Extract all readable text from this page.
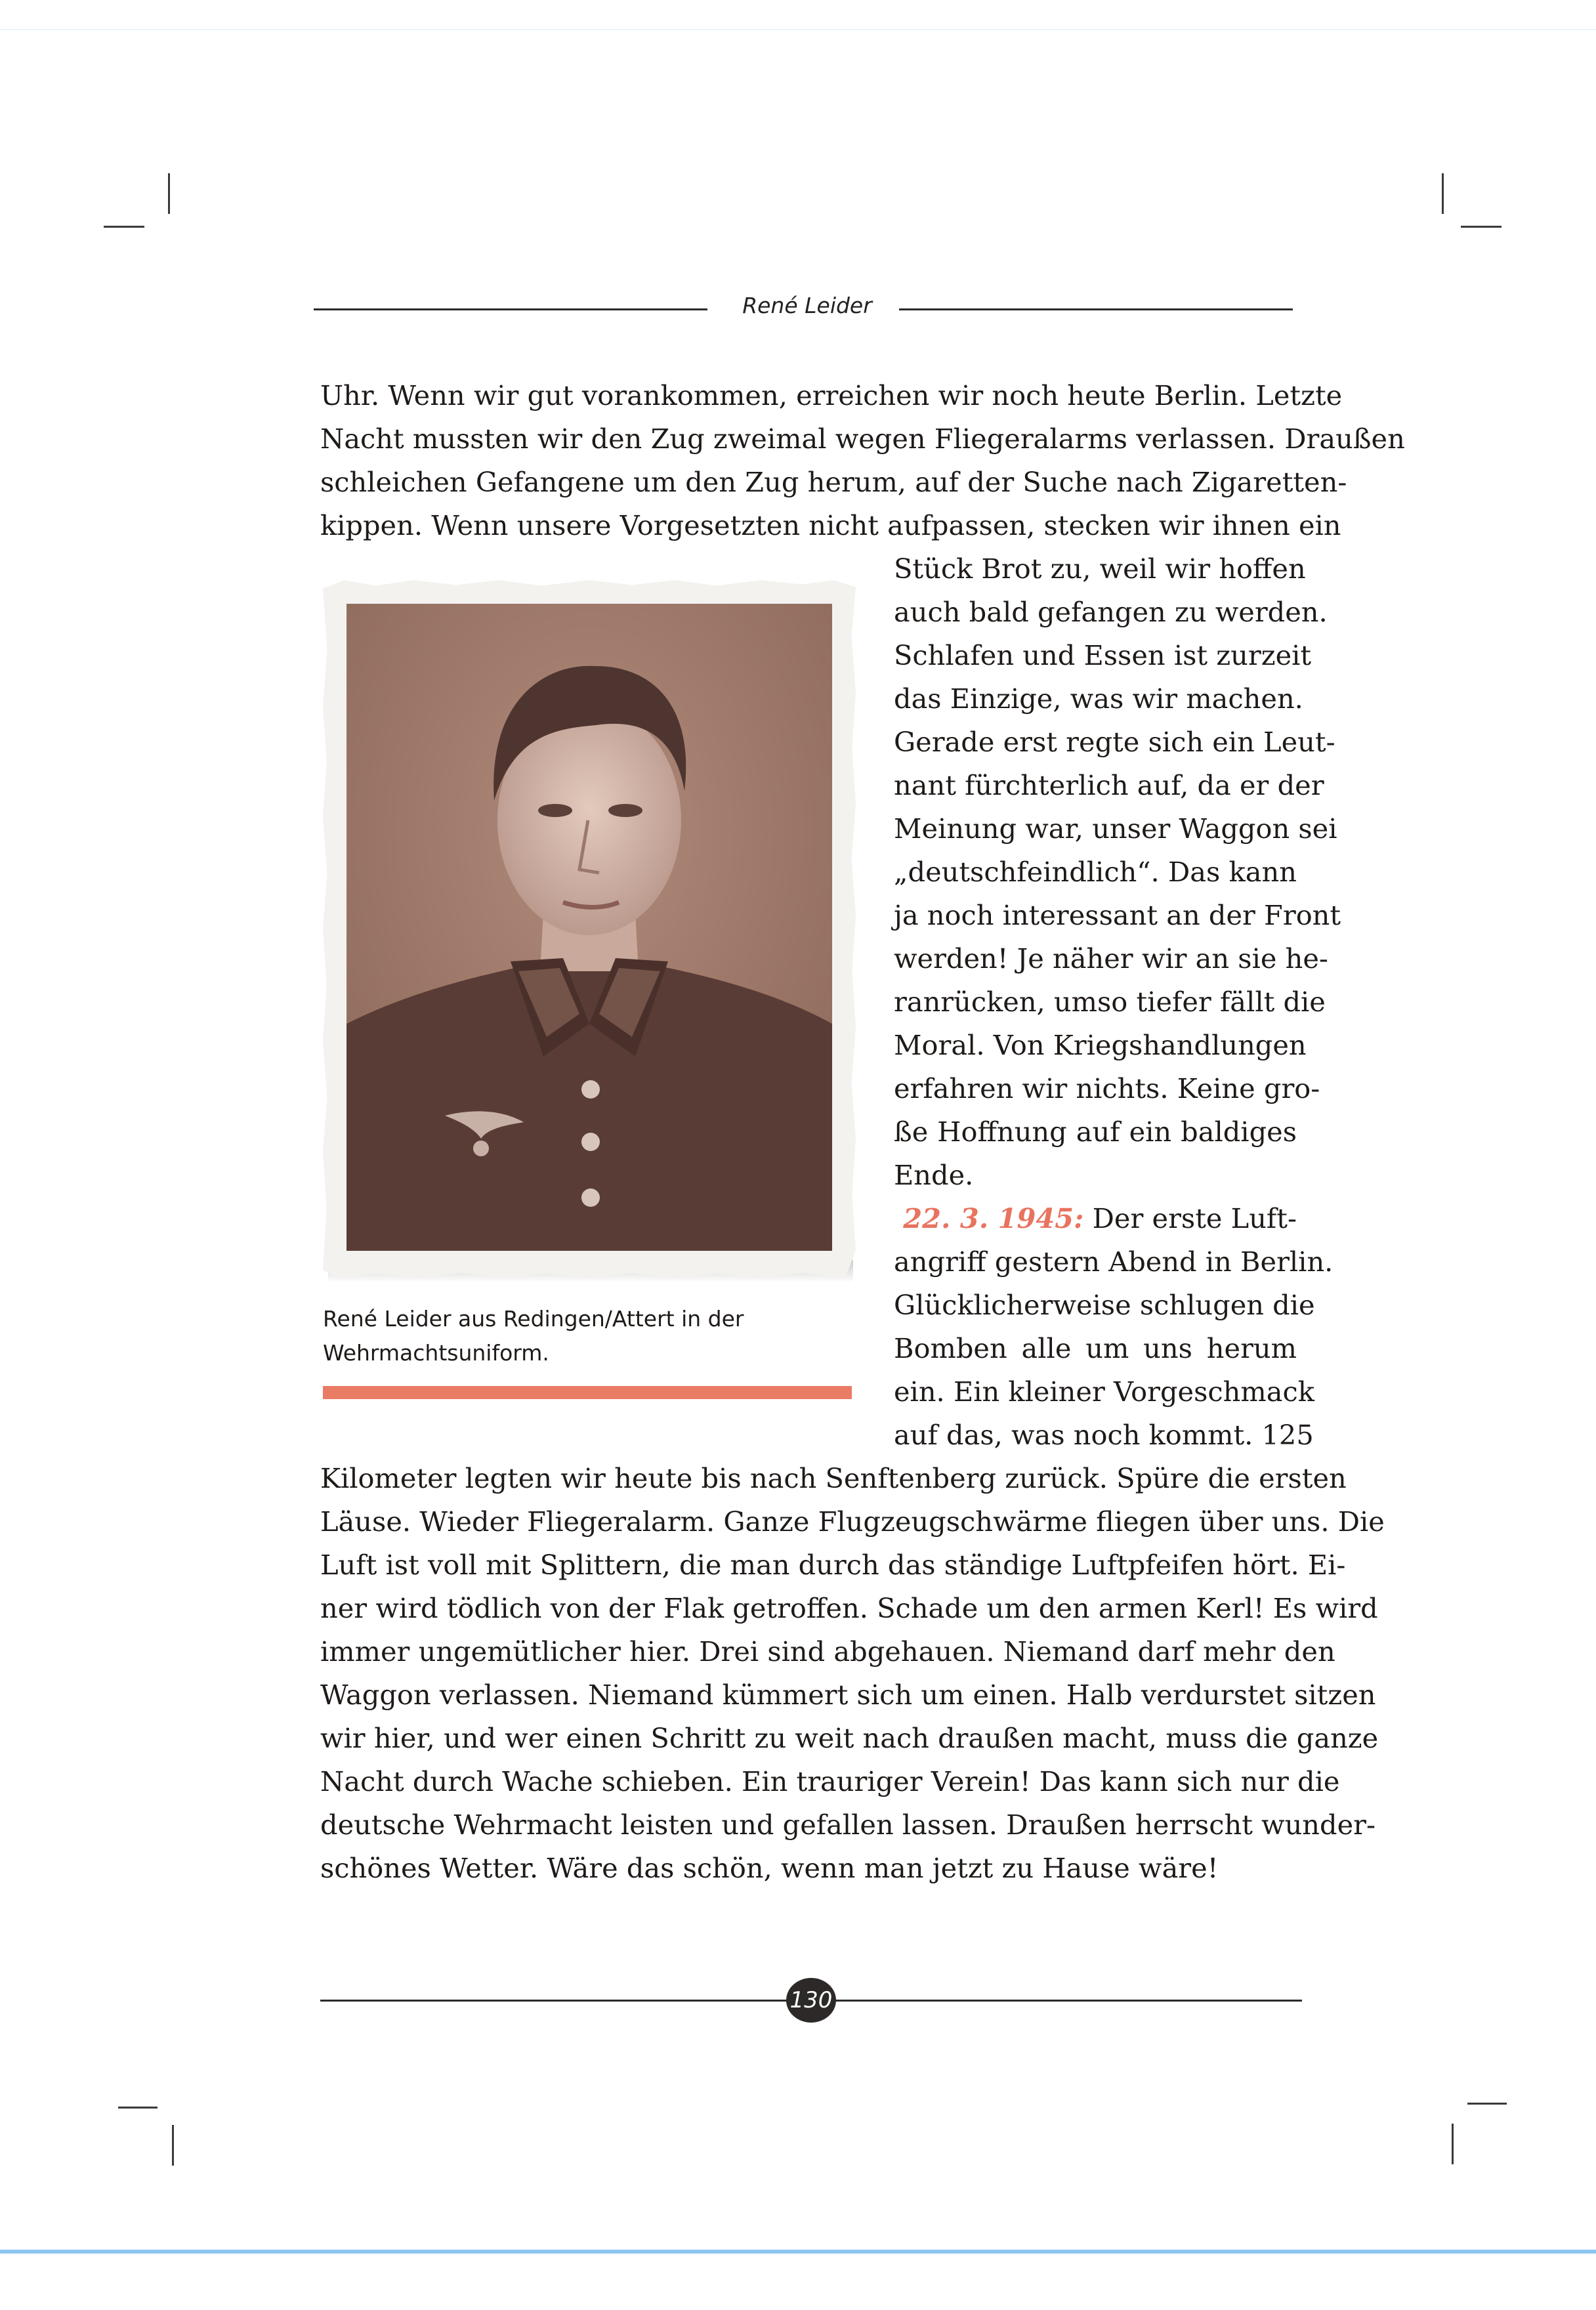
René Leider
Uhr. Wenn wir gut vorankommen, erreichen wir noch heute Berlin. Letzte
Nacht mussten wir den Zug zweimal wegen Fliegeralarms verlassen. Draußen
schleichen Gefangene um den Zug herum, auf der Suche nach Zigaretten-
kippen. Wenn unsere Vorgesetzten nicht aufpassen, stecken wir ihnen ein
Stück Brot zu, weil wir hoffen
auch bald gefangen zu werden.
Schlafen und Essen ist zurzeit
das Einzige, was wir machen.
Gerade erst regte sich ein Leut-
nant fürchterlich auf, da er der
Meinung war, unser Waggon sei
„deutschfeindlich“. Das kann
ja noch interessant an der Front
werden! Je näher wir an sie he-
ranrücken, umso tiefer fällt die
Moral. Von Kriegshandlungen
erfahren wir nichts. Keine gro-
ße Hoffnung auf ein baldiges
Ende.
22. 3. 1945: Der erste Luft-
angriff gestern Abend in Berlin.
Glücklicherweise schlugen die
Bomben alle um uns herum
ein. Ein kleiner Vorgeschmack
auf das, was noch kommt. 125
Kilometer legten wir heute bis nach Senftenberg zurück. Spüre die ersten
Läuse. Wieder Fliegeralarm. Ganze Flugzeugschwärme fliegen über uns. Die
Luft ist voll mit Splittern, die man durch das ständige Luftpfeifen hört. Ei-
ner wird tödlich von der Flak getroffen. Schade um den armen Kerl! Es wird
immer ungemütlicher hier. Drei sind abgehauen. Niemand darf mehr den
Waggon verlassen. Niemand kümmert sich um einen. Halb verdurstet sitzen
wir hier, und wer einen Schritt zu weit nach draußen macht, muss die ganze
Nacht durch Wache schieben. Ein trauriger Verein! Das kann sich nur die
deutsche Wehrmacht leisten und gefallen lassen. Draußen herrscht wunder-
schönes Wetter. Wäre das schön, wenn man jetzt zu Hause wäre!
René Leider aus Redingen/Attert in der
Wehrmachtsuniform.
130
